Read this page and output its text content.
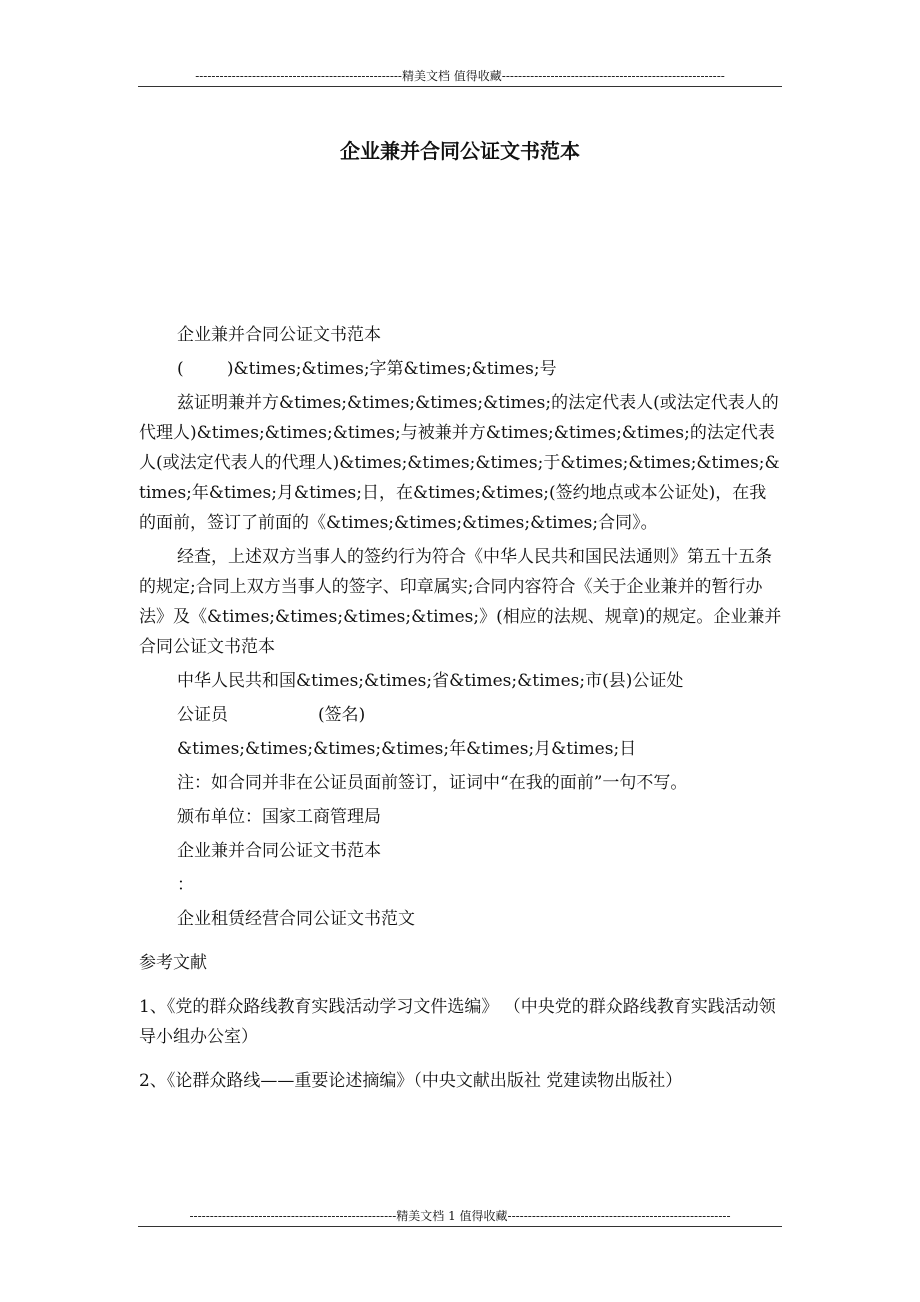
---------------------------------------------------精美文档 值得收藏-------------------------------------------------------
企业兼并合同公证文书范本

企业兼并合同公证文书范本

(        )&times;&times;字第&times;&times;号

兹证明兼并方&times;&times;&times;&times;的法定代表人(或法定代表人的代理人)&times;&times;&times;与被兼并方&times;&times;&times;的法定代表人(或法定代表人的代理人)&times;&times;&times;于&times;&times;&times;&times;年&times;月&times;日，在&times;&times;(签约地点或本公证处)，在我的面前，签订了前面的《&times;&times;&times;&times;合同》。

经查，上述双方当事人的签约行为符合《中华人民共和国民法通则》第五十五条的规定;合同上双方当事人的签字、印章属实;合同内容符合《关于企业兼并的暂行办法》及《&times;&times;&times;&times;》(相应的法规、规章)的规定。企业兼并合同公证文书范本

中华人民共和国&times;&times;省&times;&times;市(县)公证处

公证员	(签名)

&times;&times;&times;&times;年&times;月&times;日

注：如合同并非在公证员面前签订，证词中“在我的面前”一句不写。

颁布单位：国家工商管理局

企业兼并合同公证文书范本

：

企业租赁经营合同公证文书范文

参考文献

1、《党的群众路线教育实践活动学习文件选编》 （中央党的群众路线教育实践活动领导小组办公室）

2、《论群众路线——重要论述摘编》（中央文献出版社 党建读物出版社）

---------------------------------------------------精美文档 1 值得收藏-------------------------------------------------------
